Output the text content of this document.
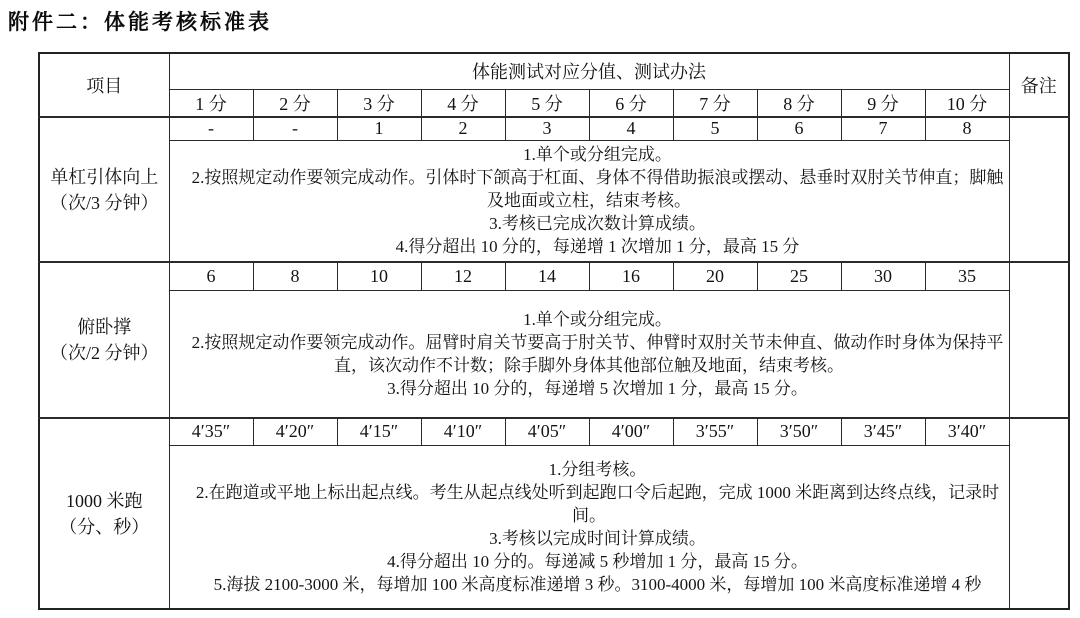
附件二：体能考核标准表
项目	体能测试对应分值、测试办法										备注
	1 分	2 分	3 分	4 分	5 分	6 分	7 分	8 分	9 分	10 分	

单杠引体向上
（次/3 分钟）	-	-	1	2	3	4	5	6	7	8	

	1.单个或分组完成。

2.按照规定动作要领完成动作。引体时下颌高于杠面、身体不得借助振浪或摆动、悬垂时双肘关节伸直；脚触及地面或立柱，结束考核。

3.考核已完成次数计算成绩。

4.得分超出 10 分的，每递增 1 次增加 1 分，最高 15 分										

俯卧撑
（次/2 分钟）	6	8	10	12	14	16	20	25	30	35	

	1.单个或分组完成。

2.按照规定动作要领完成动作。屈臂时肩关节要高于肘关节、伸臂时双肘关节未伸直、做动作时身体为保持平直，该次动作不计数；除手脚外身体其他部位触及地面，结束考核。

3.得分超出 10 分的，每递增 5 次增加 1 分，最高 15 分。										

1000 米跑
（分、秒）	4′35″	4′20″	4′15″	4′10″	4′05″	4′00″	3′55″	3′50″	3′45″	3′40″	

	1.分组考核。

2.在跑道或平地上标出起点线。考生从起点线处听到起跑口令后起跑，完成 1000 米距离到达终点线，记录时间。

3.考核以完成时间计算成绩。

4.得分超出 10 分的。每递减 5 秒增加 1 分，最高 15 分。

5.海拔 2100-3000 米，每增加 100 米高度标准递增 3 秒。3100-4000 米，每增加 100 米高度标准递增 4 秒										
